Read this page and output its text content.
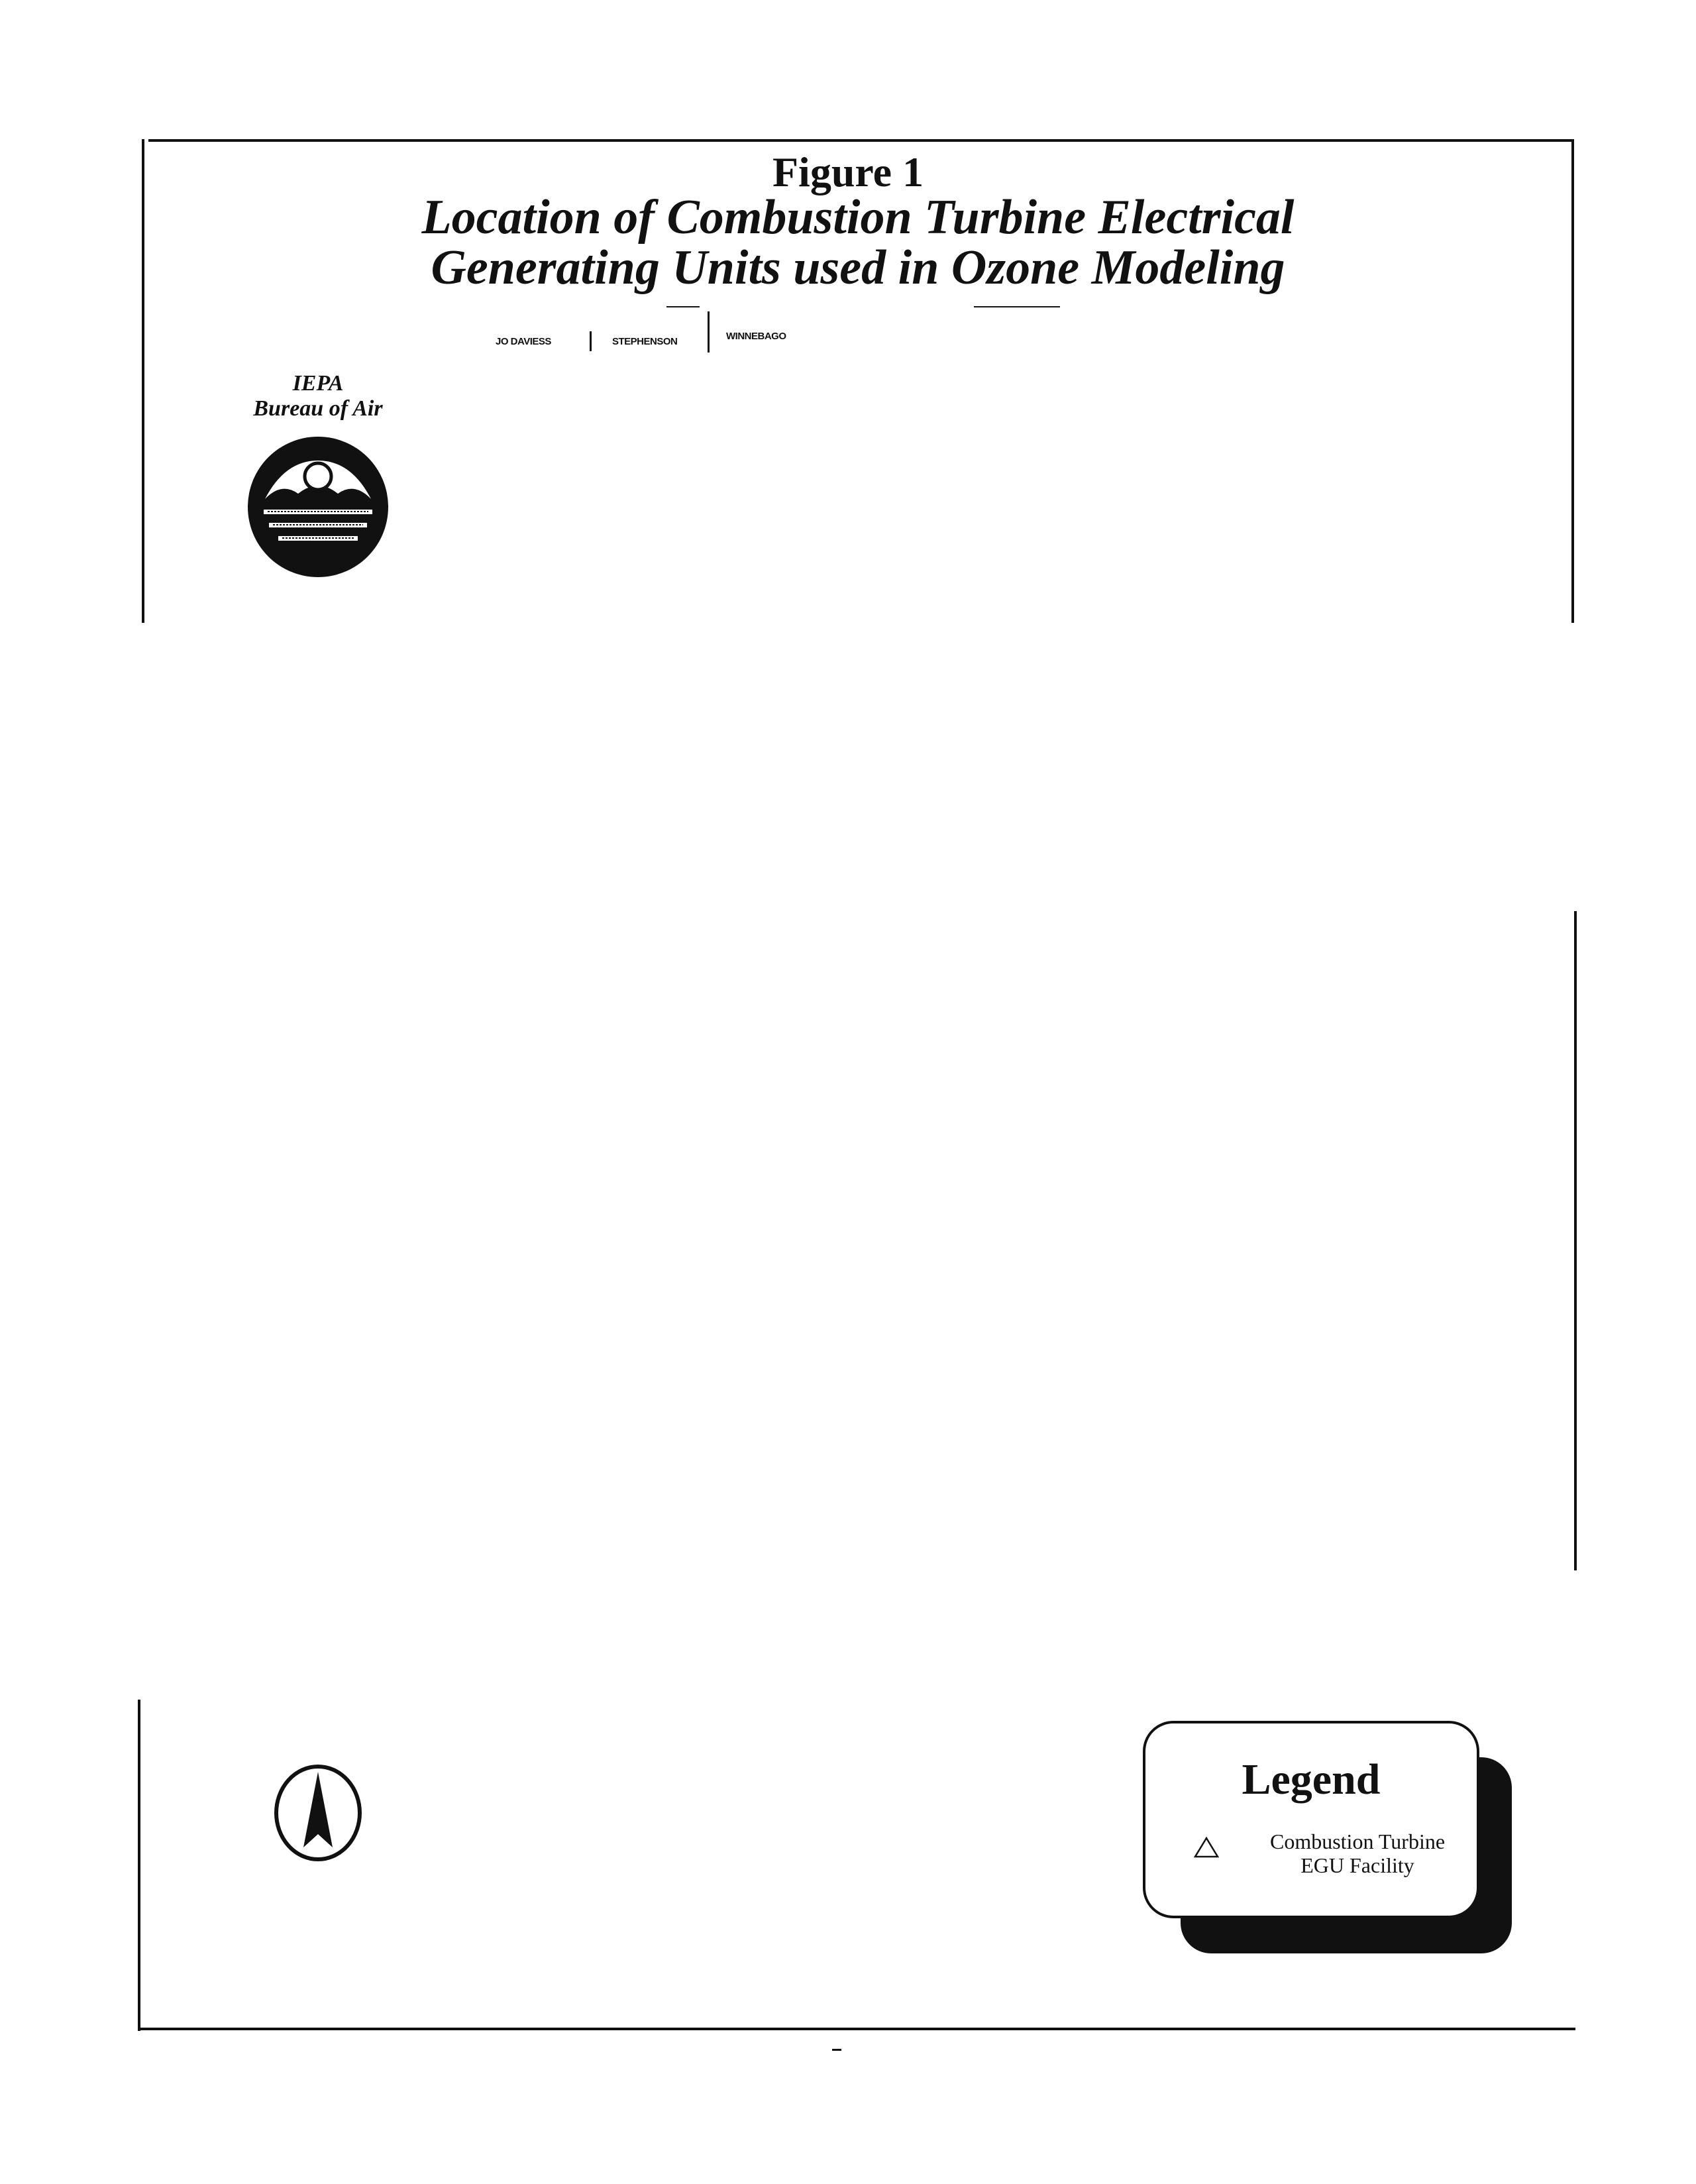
Figure 1
Location of Combustion Turbine Electrical
Generating Units used in Ozone Modeling
JO DAVIESS	STEPHENSON	WINNEBAGO
IEPA
Bureau of Air
Legend
Combustion Turbine
EGU Facility
